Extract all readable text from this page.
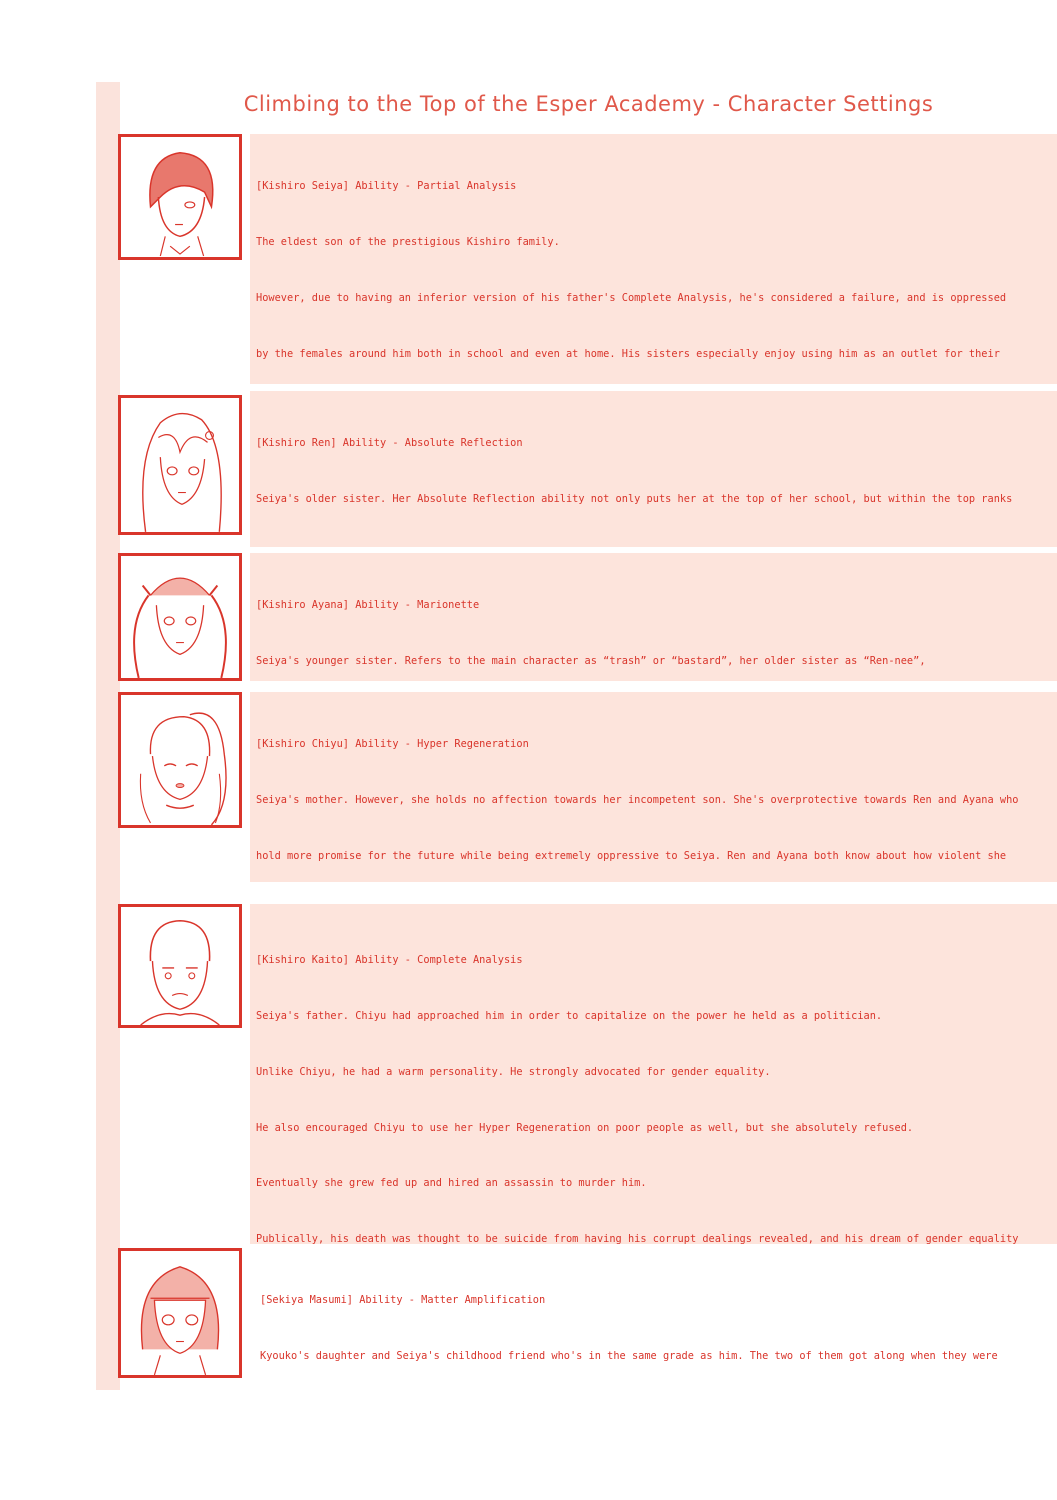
Climbing to the Top of the Esper Academy - Character Settings

[Kishiro Seiya] Ability - Partial Analysis

The eldest son of the prestigious Kishiro family.

However, due to having an inferior version of his father's Complete Analysis, he's considered a failure, and is oppressed

by the females around him both in school and even at home. His sisters especially enjoy using him as an outlet for their

[Kishiro Ren] Ability - Absolute Reflection

Seiya's older sister. Her Absolute Reflection ability not only puts her at the top of her school, but within the top ranks

[Kishiro Ayana] Ability - Marionette

Seiya's younger sister. Refers to the main character as “trash” or “bastard”, her older sister as “Ren-nee”,

[Kishiro Chiyu] Ability - Hyper Regeneration

Seiya's mother. However, she holds no affection towards her incompetent son. She's overprotective towards Ren and Ayana who

hold more promise for the future while being extremely oppressive to Seiya. Ren and Ayana both know about how violent she

[Kishiro Kaito] Ability - Complete Analysis

Seiya's father. Chiyu had approached him in order to capitalize on the power he held as a politician.

Unlike Chiyu, he had a warm personality. He strongly advocated for gender equality.

He also encouraged Chiyu to use her Hyper Regeneration on poor people as well, but she absolutely refused.

Eventually she grew fed up and hired an assassin to murder him.

Publically, his death was thought to be suicide from having his corrupt dealings revealed, and his dream of gender equality

[Sekiya Masumi] Ability - Matter Amplification

Kyouko's daughter and Seiya's childhood friend who's in the same grade as him. The two of them got along when they were
